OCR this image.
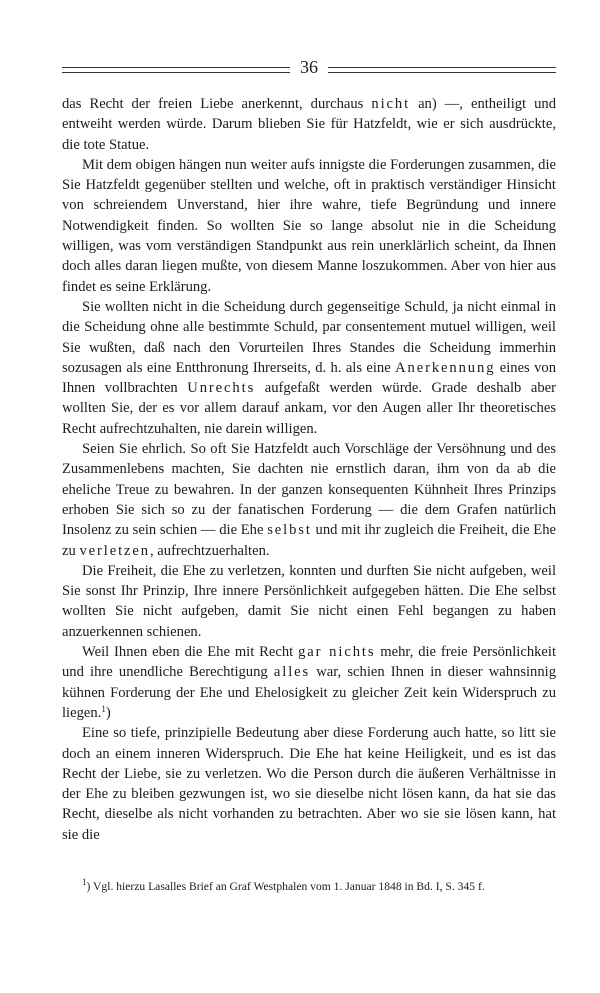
36

das Recht der freien Liebe anerkennt, durchaus nicht an) —, entheiligt und entweiht werden würde. Darum blieben Sie für Hatzfeldt, wie er sich ausdrückte, die tote Statue.

Mit dem obigen hängen nun weiter aufs innigste die Forderungen zusammen, die Sie Hatzfeldt gegenüber stellten und welche, oft in praktisch verständiger Hinsicht von schreiendem Unverstand, hier ihre wahre, tiefe Begründung und innere Notwendigkeit finden. So wollten Sie so lange absolut nie in die Scheidung willigen, was vom verständigen Standpunkt aus rein unerklärlich scheint, da Ihnen doch alles daran liegen mußte, von diesem Manne loszukommen. Aber von hier aus findet es seine Erklärung.

Sie wollten nicht in die Scheidung durch gegenseitige Schuld, ja nicht einmal in die Scheidung ohne alle bestimmte Schuld, par consentement mutuel willigen, weil Sie wußten, daß nach den Vorurteilen Ihres Standes die Scheidung immerhin sozusagen als eine Entthronung Ihrerseits, d. h. als eine Anerkennung eines von Ihnen vollbrachten Unrechts aufgefaßt werden würde. Grade deshalb aber wollten Sie, der es vor allem darauf ankam, vor den Augen aller Ihr theoretisches Recht aufrechtzuhalten, nie darein willigen.

Seien Sie ehrlich. So oft Sie Hatzfeldt auch Vorschläge der Versöhnung und des Zusammenlebens machten, Sie dachten nie ernstlich daran, ihm von da ab die eheliche Treue zu bewahren. In der ganzen konsequenten Kühnheit Ihres Prinzips erhoben Sie sich so zu der fanatischen Forderung — die dem Grafen natürlich Insolenz zu sein schien — die Ehe selbst und mit ihr zugleich die Freiheit, die Ehe zu verletzen, aufrechtzuerhalten.

Die Freiheit, die Ehe zu verletzen, konnten und durften Sie nicht aufgeben, weil Sie sonst Ihr Prinzip, Ihre innere Persönlichkeit aufgegeben hätten. Die Ehe selbst wollten Sie nicht aufgeben, damit Sie nicht einen Fehl begangen zu haben anzuerkennen schienen.

Weil Ihnen eben die Ehe mit Recht gar nichts mehr, die freie Persönlichkeit und ihre unendliche Berechtigung alles war, schien Ihnen in dieser wahnsinnig kühnen Forderung der Ehe und Ehelosigkeit zu gleicher Zeit kein Widerspruch zu liegen.$^1$)

Eine so tiefe, prinzipielle Bedeutung aber diese Forderung auch hatte, so litt sie doch an einem inneren Widerspruch. Die Ehe hat keine Heiligkeit, und es ist das Recht der Liebe, sie zu verletzen. Wo die Person durch die äußeren Verhältnisse in der Ehe zu bleiben gezwungen ist, wo sie dieselbe nicht lösen kann, da hat sie das Recht, dieselbe als nicht vorhanden zu betrachten. Aber wo sie sie lösen kann, hat sie die

$^1$) Vgl. hierzu Lasalles Brief an Graf Westphalen vom 1. Januar 1848 in Bd. I, S. 345 f.
